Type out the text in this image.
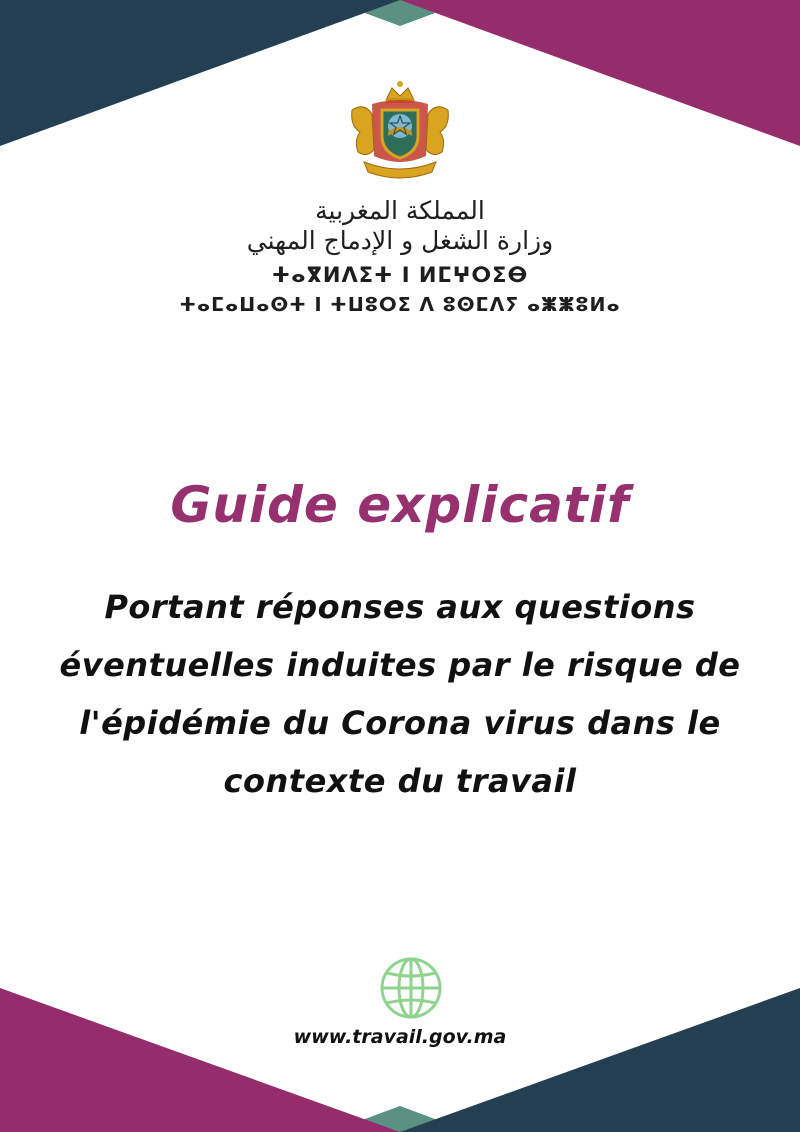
المملكة المغربية
وزارة الشغل و الإدماج المهني
ⵜⴰⴳⵍⴷⵉⵜ ⵏ ⵍⵎⵖⵔⵉⴱ
ⵜⴰⵎⴰⵡⴰⵙⵜ ⵏ ⵜⵡⵓⵔⵉ ⴷ ⵓⵙⵎⴷⵢ ⴰⵥⵥⵓⵍⴰ
Guide explicatif
Portant réponses aux questions
éventuelles induites par le risque de
l'épidémie du Corona virus dans le
contexte du travail
www.travail.gov.ma
